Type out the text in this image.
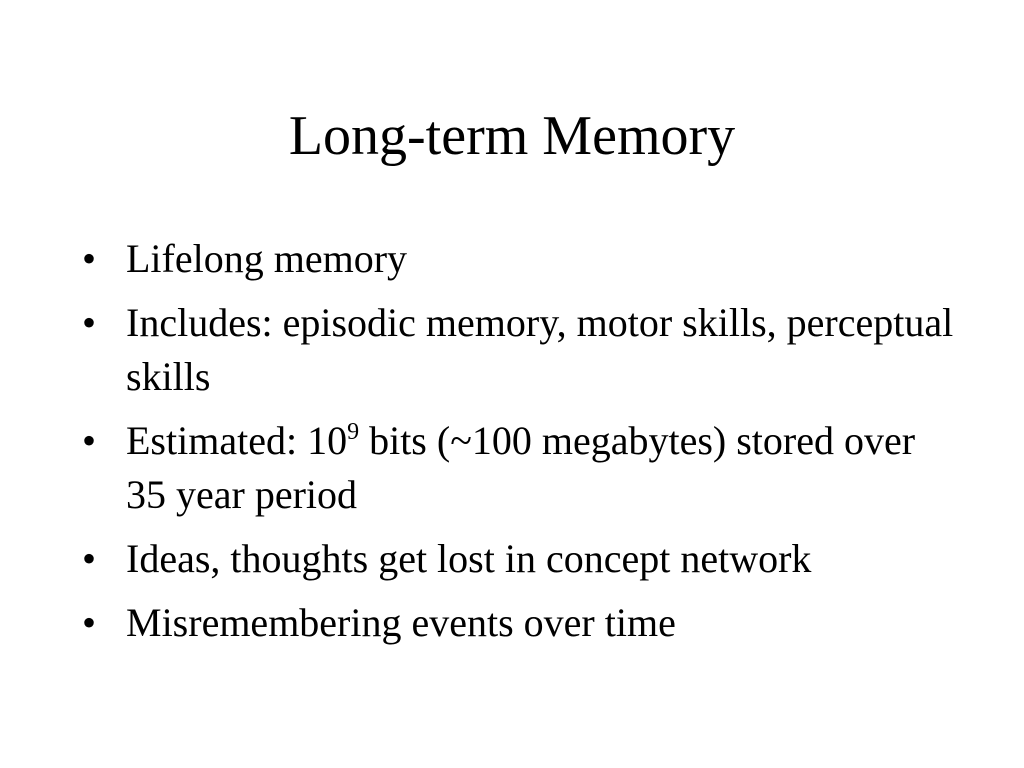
Long-term Memory
• Lifelong memory
• Includes: episodic memory, motor skills, perceptual skills
• Estimated: $10^9$ bits (~100 megabytes) stored over 35 year period
• Ideas, thoughts get lost in concept network
• Misremembering events over time
